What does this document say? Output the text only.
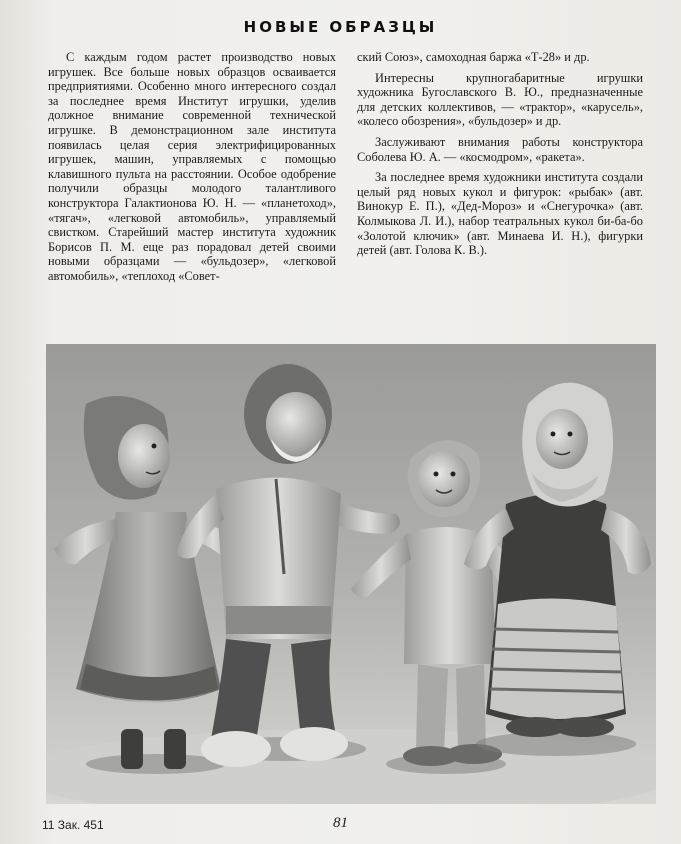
НОВЫЕ ОБРАЗЦЫ

С каждым годом растет производство новых игрушек. Все больше новых образцов осваивается предприятиями. Особенно много интересного создал за последнее время Институт игрушки, уделив должное внимание современной технической игрушке. В демонстрационном зале института появилась целая серия электрифицированных игрушек, машин, управляемых с помощью клавишного пульта на расстоянии. Особое одобрение получили образцы молодого талантливого конструктора Галактионова Ю. Н. — «планетоход», «тягач», «легковой автомобиль», управляемый свистком. Старейший мастер института художник Борисов П. М. еще раз порадовал детей своими новыми образцами — «бульдозер», «легковой автомобиль», «теплоход «Совет-

ский Союз», самоходная баржа «Т-28» и др.

Интересны крупногабаритные игрушки художника Бугославского В. Ю., предназначенные для детских коллективов, — «трактор», «карусель», «колесо обозрения», «бульдозер» и др.

Заслуживают внимания работы конструктора Соболева Ю. А. — «космодром», «ракета».

За последнее время художники института создали целый ряд новых кукол и фигурок: «рыбак» (авт. Винокур Е. П.), «Дед-Мороз» и «Снегурочка» (авт. Колмыкова Л. И.), набор театральных кукол би-ба-бо «Золотой ключик» (авт. Минаева И. Н.), фигурки детей (авт. Голова К. В.).

11 Зак. 451	81
